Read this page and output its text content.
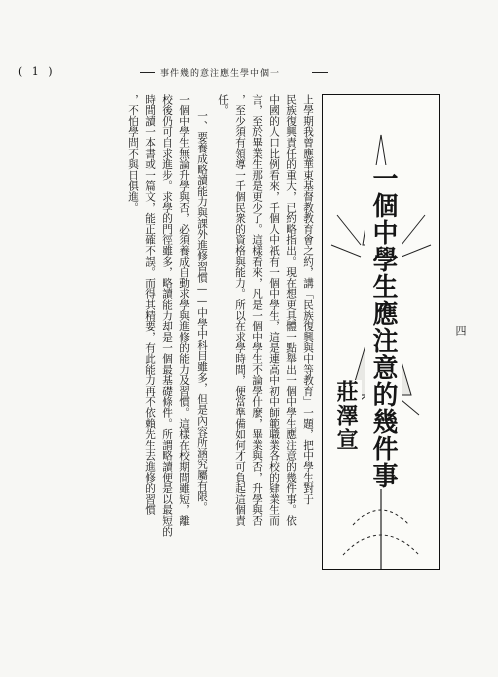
( 1 )	事件幾的意注應生學中個一
一個中學生應注意的幾件事
莊澤宣
上學期我曾應華東基督教教育會之約，講「民族復興與中等教育」一題，把中學生對于
民族復興責任的重大，已約略指出。現在想更具體一點舉出一個中學生應注意的幾件事。依
中國的人口比例看來，千個人中祇有一個中學生，這是連高中初中師範職業各校的肄業生而
言，至於畢業生那是更少了。這樣看來，凡是一個中學生不論學什麼，畢業與否，升學與否
，至少須有領導一千個民衆的資格與能力。所以在求學時間，便當準備如何才可負起這個責
任。
一、要養成略讀能力與課外進修習慣——中學中科目雖多，但是內容所涵究屬有限。
一個中學生無論升學與否，必須養成自動求學與進修的能力及習慣。這樣在校期間雖短，離
校後仍可自求進步。求學的門徑雖多，略讀能力却是一個最基礎條件。所謂略讀便是以最短的
時間讀一本書或一篇文，能正確不誤。而得其精要，有此能力再不依賴先生去進修的習慣
，不怕學問不與日俱進。
四
